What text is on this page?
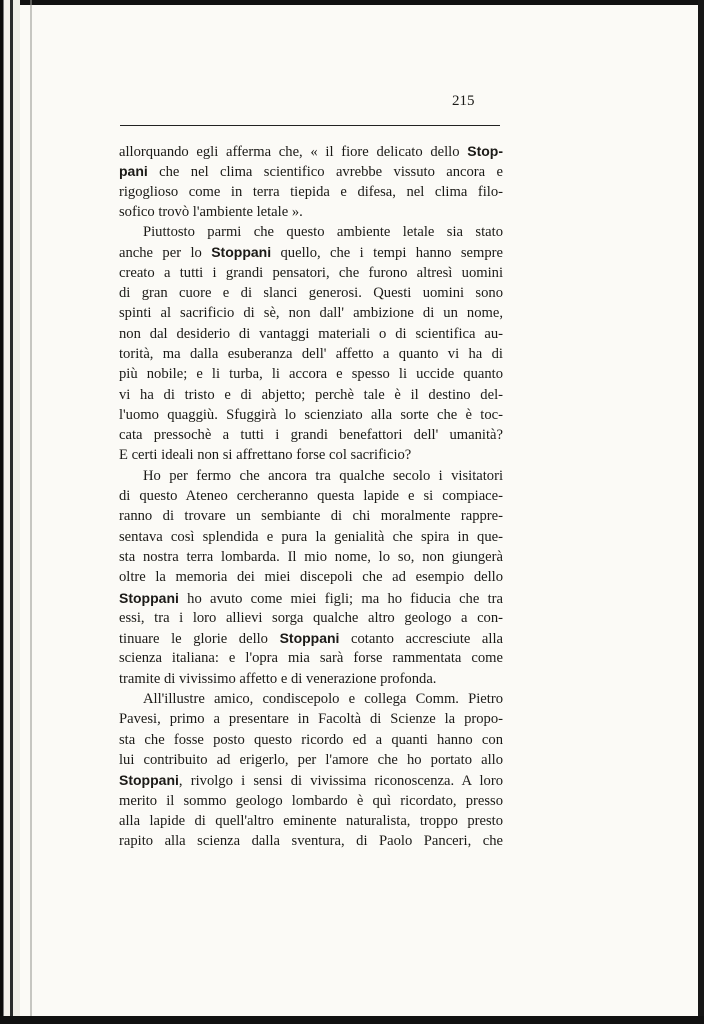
215
allorquando egli afferma che, « il fiore delicato dello Stop-
pani che nel clima scientifico avrebbe vissuto ancora e
rigoglioso come in terra tiepida e difesa, nel clima filo-
sofico trovò l'ambiente letale ».
Piuttosto parmi che questo ambiente letale sia stato
anche per lo Stoppani quello, che i tempi hanno sempre
creato a tutti i grandi pensatori, che furono altresì uomini
di gran cuore e di slanci generosi. Questi uomini sono
spinti al sacrificio di sè, non dall' ambizione di un nome,
non dal desiderio di vantaggi materiali o di scientifica au-
torità, ma dalla esuberanza dell' affetto a quanto vi ha di
più nobile; e li turba, li accora e spesso li uccide quanto
vi ha di tristo e di abjetto; perchè tale è il destino del-
l'uomo quaggiù. Sfuggirà lo scienziato alla sorte che è toc-
cata pressochè a tutti i grandi benefattori dell' umanità?
E certi ideali non si affrettano forse col sacrificio?
Ho per fermo che ancora tra qualche secolo i visitatori
di questo Ateneo cercheranno questa lapide e si compiace-
ranno di trovare un sembiante di chi moralmente rappre-
sentava così splendida e pura la genialità che spira in que-
sta nostra terra lombarda. Il mio nome, lo so, non giungerà
oltre la memoria dei miei discepoli che ad esempio dello
Stoppani ho avuto come miei figli; ma ho fiducia che tra
essi, tra i loro allievi sorga qualche altro geologo a con-
tinuare le glorie dello Stoppani cotanto accresciute alla
scienza italiana: e l'opra mia sarà forse rammentata come
tramite di vivissimo affetto e di venerazione profonda.
All'illustre amico, condiscepolo e collega Comm. Pietro
Pavesi, primo a presentare in Facoltà di Scienze la propo-
sta che fosse posto questo ricordo ed a quanti hanno con
lui contribuito ad erigerlo, per l'amore che ho portato allo
Stoppani, rivolgo i sensi di vivissima riconoscenza. A loro
merito il sommo geologo lombardo è quì ricordato, presso
alla lapide di quell'altro eminente naturalista, troppo presto
rapito alla scienza dalla sventura, di Paolo Panceri, che
